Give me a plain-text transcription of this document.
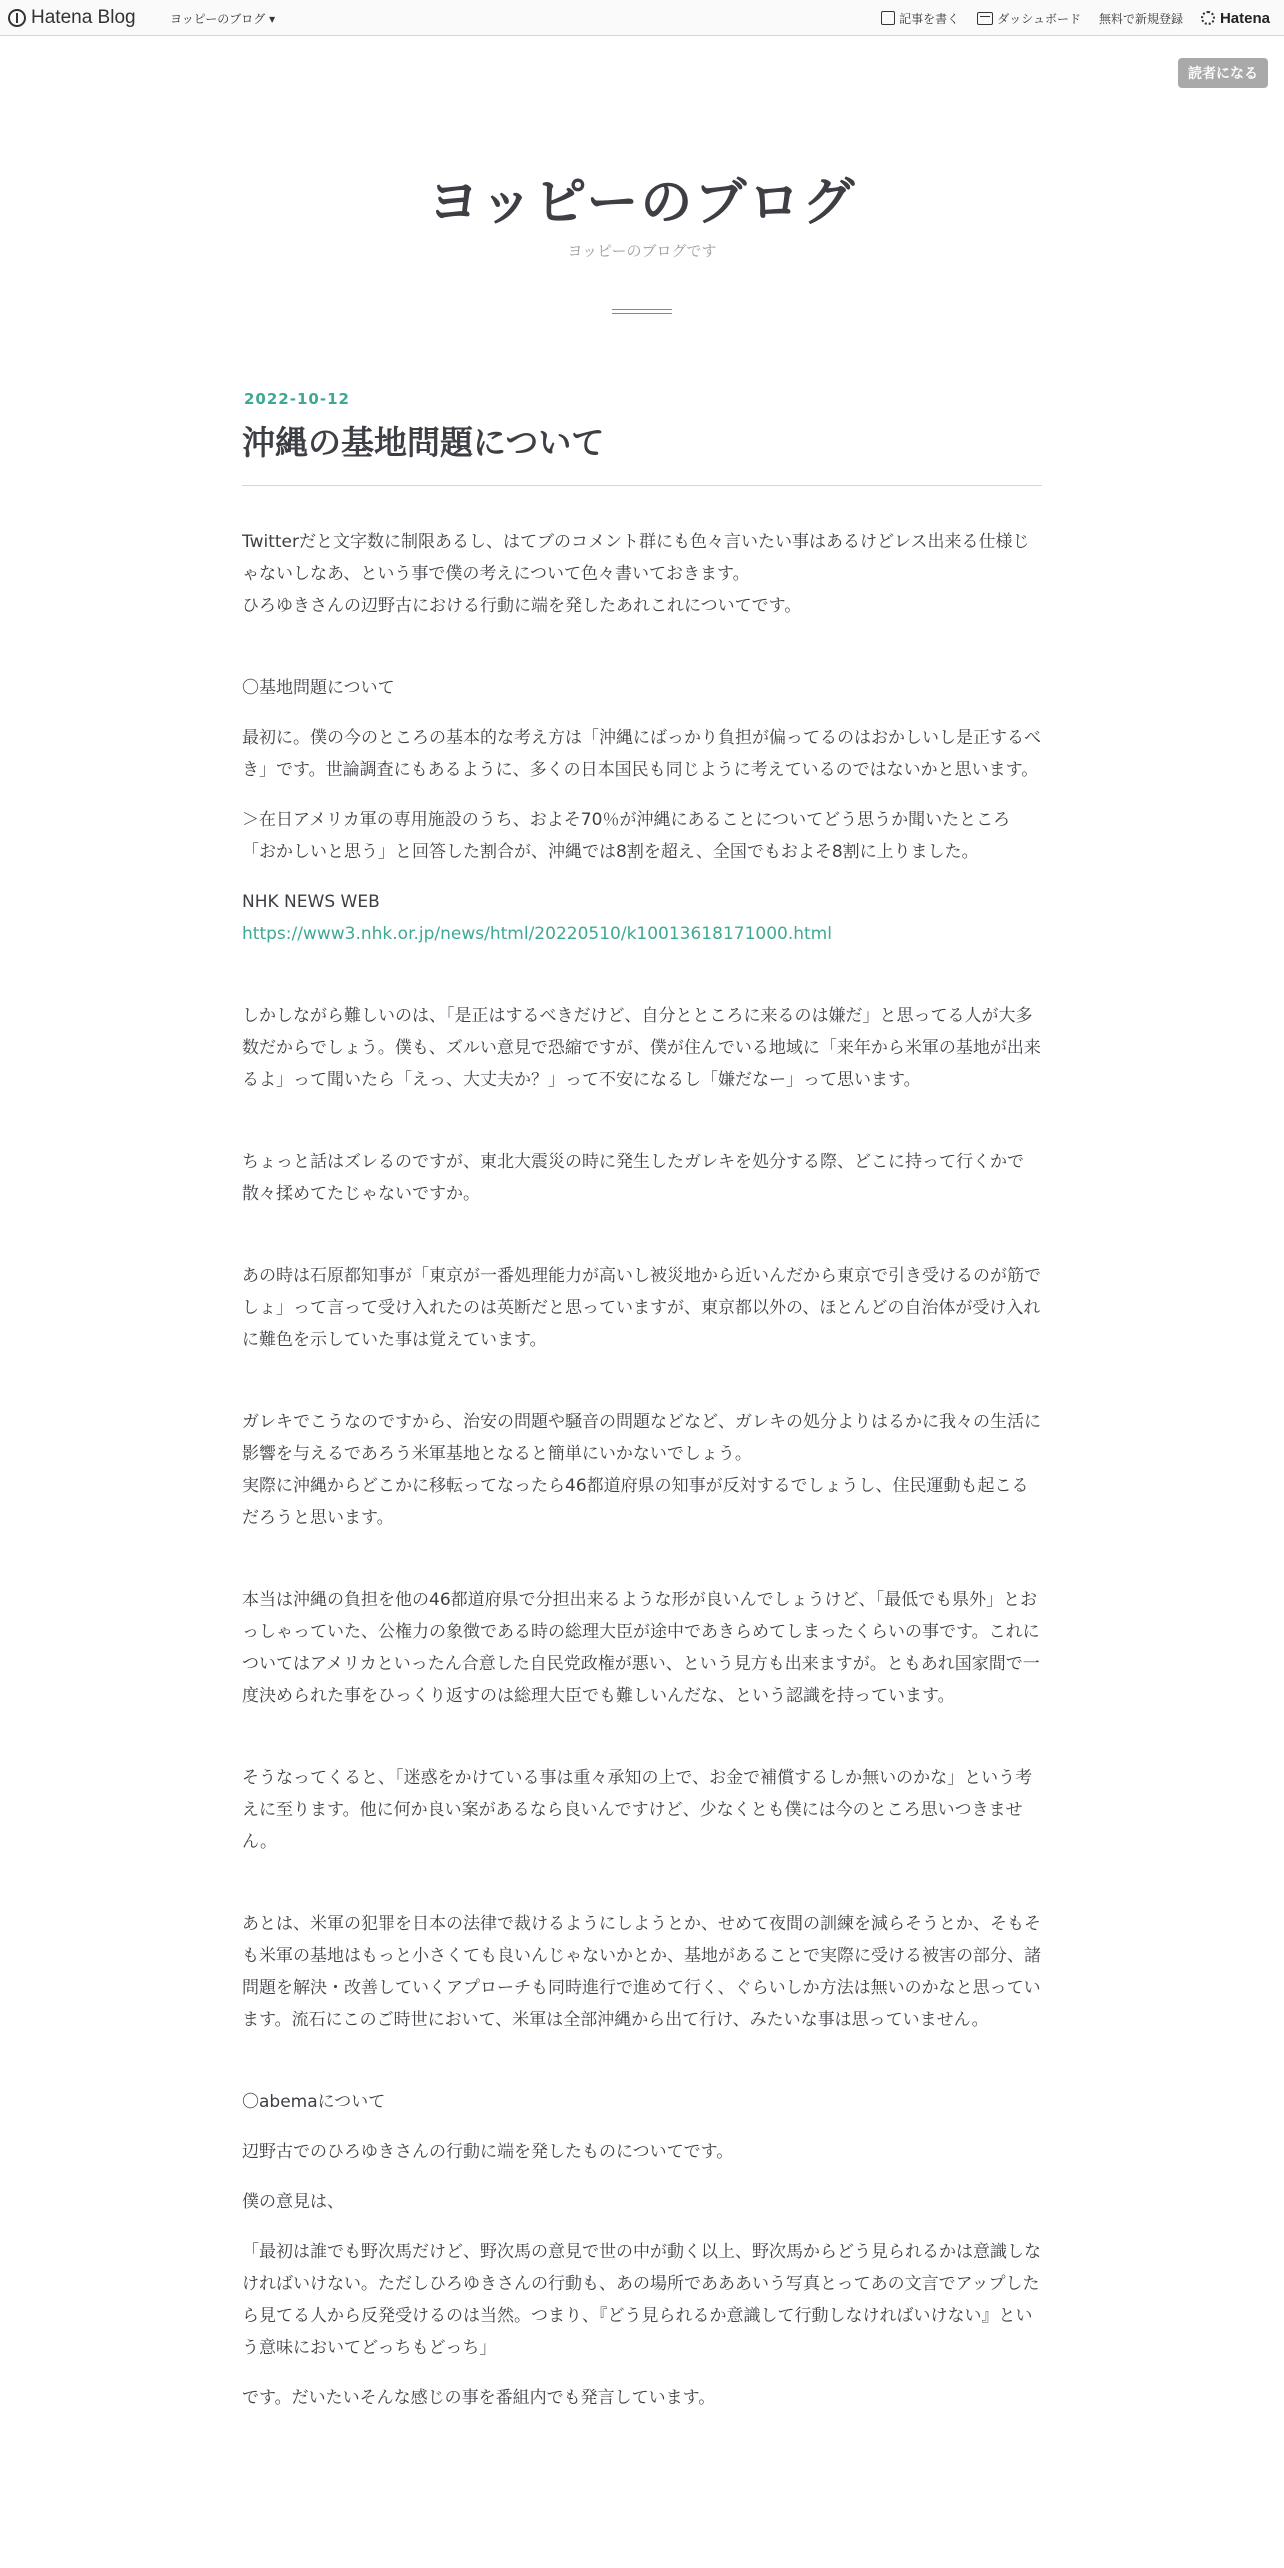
Hatena Blog	ヨッピーのブログ ▾	記事を書く	ダッシュボード 無料で新規登録 Hatena
読者になる
ヨッピーのブログ
ヨッピーのブログです
2022-10-12
沖縄の基地問題について

Twitterだと文字数に制限あるし、はてブのコメント群にも色々言いたい事はあるけどレス出来る仕様じゃないしなあ、という事で僕の考えについて色々書いておきます。
ひろゆきさんの辺野古における行動に端を発したあれこれについてです。

〇基地問題について

最初に。僕の今のところの基本的な考え方は「沖縄にばっかり負担が偏ってるのはおかしいし是正するべき」です。世論調査にもあるように、多くの日本国民も同じように考えているのではないかと思います。

＞在日アメリカ軍の専用施設のうち、およそ70％が沖縄にあることについてどう思うか聞いたところ「おかしいと思う」と回答した割合が、沖縄では8割を超え、全国でもおよそ8割に上りました。

NHK NEWS WEB
https://www3.nhk.or.jp/news/html/20220510/k10013618171000.html

しかしながら難しいのは、「是正はするべきだけど、自分とところに来るのは嫌だ」と思ってる人が大多数だからでしょう。僕も、ズルい意見で恐縮ですが、僕が住んでいる地域に「来年から米軍の基地が出来るよ」って聞いたら「えっ、大丈夫か？」って不安になるし「嫌だなー」って思います。

ちょっと話はズレるのですが、東北大震災の時に発生したガレキを処分する際、どこに持って行くかで散々揉めてたじゃないですか。

あの時は石原都知事が「東京が一番処理能力が高いし被災地から近いんだから東京で引き受けるのが筋でしょ」って言って受け入れたのは英断だと思っていますが、東京都以外の、ほとんどの自治体が受け入れに難色を示していた事は覚えています。

ガレキでこうなのですから、治安の問題や騒音の問題などなど、ガレキの処分よりはるかに我々の生活に影響を与えるであろう米軍基地となると簡単にいかないでしょう。
実際に沖縄からどこかに移転ってなったら46都道府県の知事が反対するでしょうし、住民運動も起こるだろうと思います。

本当は沖縄の負担を他の46都道府県で分担出来るような形が良いんでしょうけど、「最低でも県外」とおっしゃっていた、公権力の象徴である時の総理大臣が途中であきらめてしまったくらいの事です。これについてはアメリカといったん合意した自民党政権が悪い、という見方も出来ますが。ともあれ国家間で一度決められた事をひっくり返すのは総理大臣でも難しいんだな、という認識を持っています。

そうなってくると、「迷惑をかけている事は重々承知の上で、お金で補償するしか無いのかな」という考えに至ります。他に何か良い案があるなら良いんですけど、少なくとも僕には今のところ思いつきません。

あとは、米軍の犯罪を日本の法律で裁けるようにしようとか、せめて夜間の訓練を減らそうとか、そもそも米軍の基地はもっと小さくても良いんじゃないかとか、基地があることで実際に受ける被害の部分、諸問題を解決・改善していくアプローチも同時進行で進めて行く、ぐらいしか方法は無いのかなと思っています。流石にこのご時世において、米軍は全部沖縄から出て行け、みたいな事は思っていません。

〇abemaについて

辺野古でのひろゆきさんの行動に端を発したものについてです。

僕の意見は、

「最初は誰でも野次馬だけど、野次馬の意見で世の中が動く以上、野次馬からどう見られるかは意識しなければいけない。ただしひろゆきさんの行動も、あの場所であああいう写真とってあの文言でアップしたら見てる人から反発受けるのは当然。つまり、『どう見られるか意識して行動しなければいけない』という意味においてどっちもどっち」

です。だいたいそんな感じの事を番組内でも発言しています。
